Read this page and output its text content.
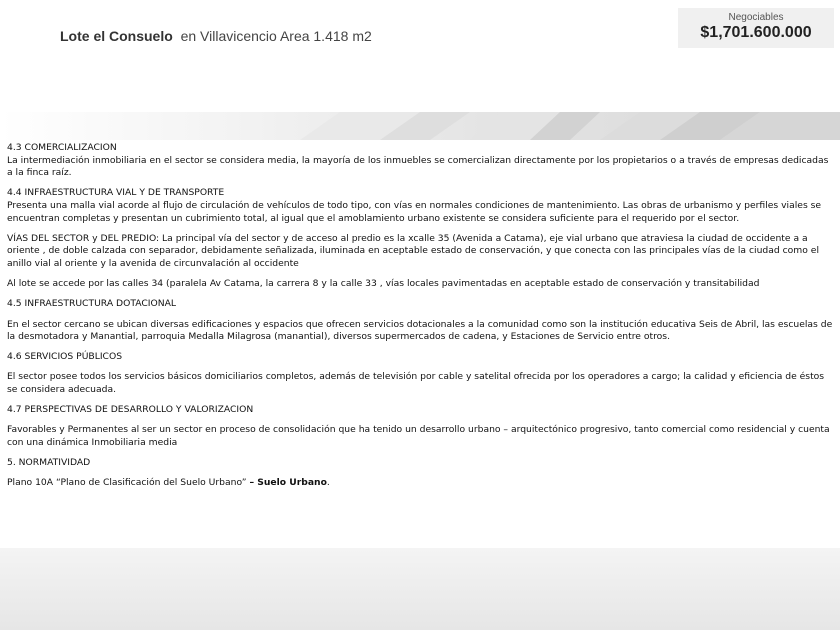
Lote el Consuelo en Villavicencio Area 1.418 m2
Negociables
$1,701.600.000
4.3 COMERCIALIZACION

La intermediación inmobiliaria en el sector se considera media, la mayoría de los inmuebles se comercializan directamente por los propietarios o a través de empresas dedicadas a la finca raíz.

4.4 INFRAESTRUCTURA VIAL Y DE TRANSPORTE

Presenta una malla vial acorde al flujo de circulación de vehículos de todo tipo, con vías en normales condiciones de mantenimiento. Las obras de urbanismo y perfiles viales se encuentran completas y presentan un cubrimiento total, al igual que el amoblamiento urbano existente se considera suficiente para el requerido por el sector.

VÍAS DEL SECTOR y DEL PREDIO: La principal vía del sector y de acceso al predio es la xcalle 35 (Avenida a Catama), eje vial urbano que atraviesa la ciudad de occidente a a oriente , de doble calzada con separador, debidamente señalizada, iluminada en aceptable estado de conservación, y que conecta con las principales vías de la ciudad como el anillo vial al oriente y la avenida de circunvalación al occidente

Al lote se accede por las calles 34 (paralela Av Catama, la carrera 8 y la calle 33 , vías locales pavimentadas en aceptable estado de conservación y transitabilidad

4.5 INFRAESTRUCTURA DOTACIONAL

En el sector cercano se ubican diversas edificaciones y espacios que ofrecen servicios dotacionales a la comunidad como son la institución educativa Seis de Abril, las escuelas de la desmotadora y Manantial, parroquia Medalla Milagrosa (manantial), diversos supermercados de cadena, y Estaciones de Servicio entre otros.

4.6 SERVICIOS PÚBLICOS

El sector posee todos los servicios básicos domiciliarios completos, además de televisión por cable y satelital ofrecida por los operadores a cargo; la calidad y eficiencia de éstos se considera adecuada.

4.7 PERSPECTIVAS DE DESARROLLO Y VALORIZACION

Favorables y Permanentes al ser un sector en proceso de consolidación que ha tenido un desarrollo urbano – arquitectónico progresivo, tanto comercial como residencial y cuenta con una dinámica Inmobiliaria media

5. NORMATIVIDAD

Plano 10A “Plano de Clasificación del Suelo Urbano” – Suelo Urbano.
